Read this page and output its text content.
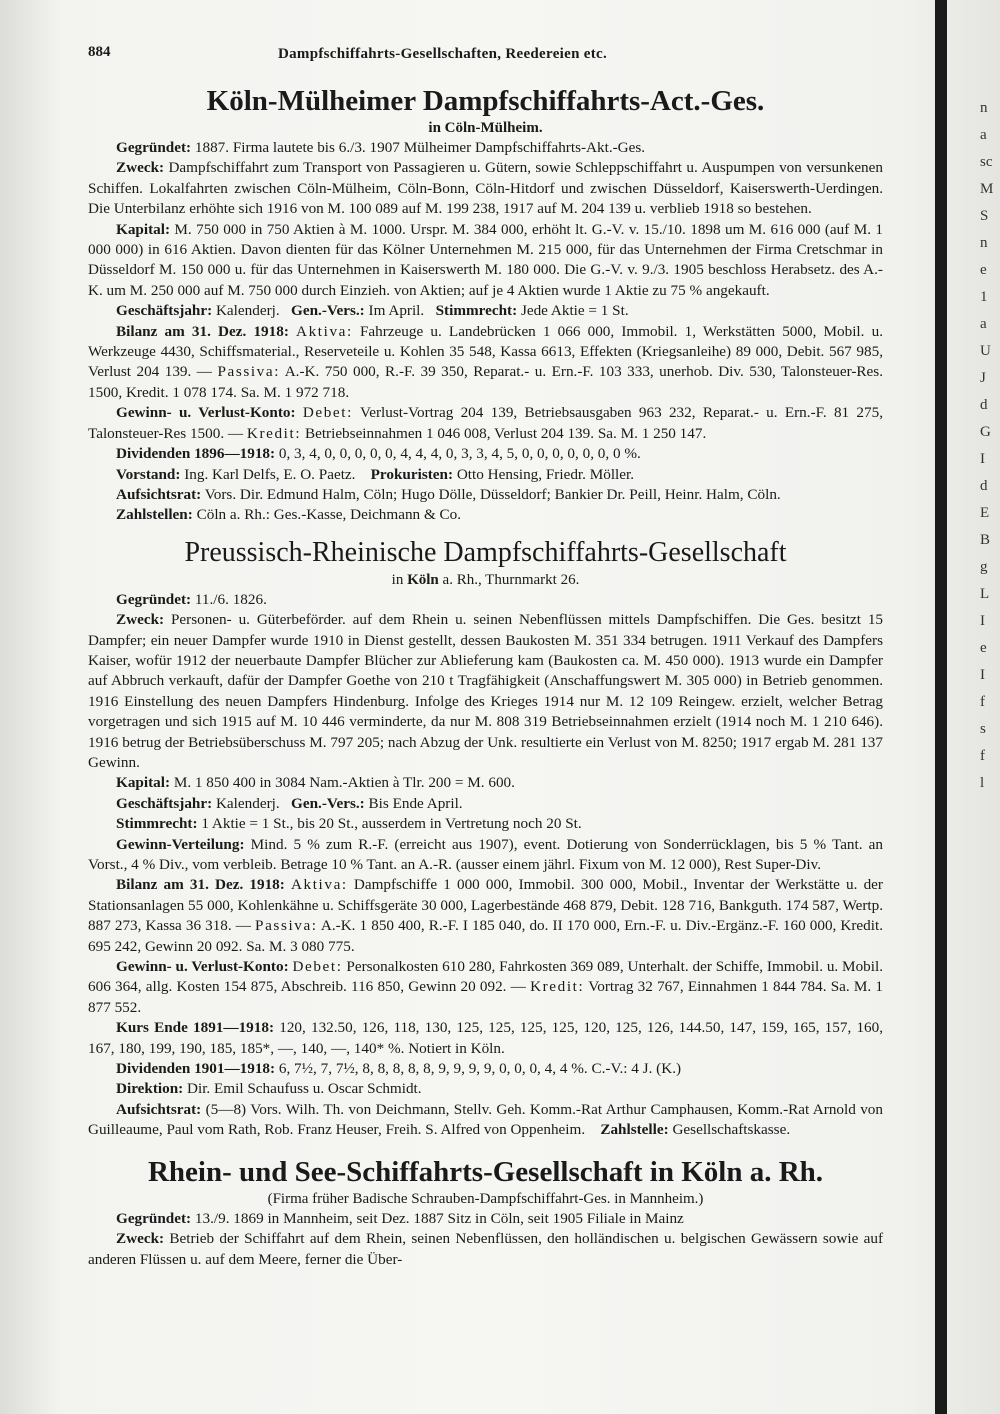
n
a
sc
M
S
n
e
1
a
U
J
d
G
I
d
E
B
g
L
I
e
I
f
s
f
l
884	Dampfschiffahrts-Gesellschaften, Reedereien etc.
Köln-Mülheimer Dampfschiffahrts-Act.-Ges.
in Cöln-Mülheim.

Gegründet: 1887. Firma lautete bis 6./3. 1907 Mülheimer Dampfschiffahrts-Akt.-Ges.

Zweck: Dampfschiffahrt zum Transport von Passagieren u. Gütern, sowie Schleppschiffahrt u. Auspumpen von versunkenen Schiffen. Lokalfahrten zwischen Cöln-Mülheim, Cöln-Bonn, Cöln-Hitdorf und zwischen Düsseldorf, Kaiserswerth-Uerdingen. Die Unterbilanz erhöhte sich 1916 von M. 100 089 auf M. 199 238, 1917 auf M. 204 139 u. verblieb 1918 so bestehen.

Kapital: M. 750 000 in 750 Aktien à M. 1000. Urspr. M. 384 000, erhöht lt. G.-V. v. 15./10. 1898 um M. 616 000 (auf M. 1 000 000) in 616 Aktien. Davon dienten für das Kölner Unternehmen M. 215 000, für das Unternehmen der Firma Cretschmar in Düsseldorf M. 150 000 u. für das Unternehmen in Kaiserswerth M. 180 000. Die G.-V. v. 9./3. 1905 beschloss Herabsetz. des A.-K. um M. 250 000 auf M. 750 000 durch Einzieh. von Aktien; auf je 4 Aktien wurde 1 Aktie zu 75 % angekauft.

Geschäftsjahr: Kalenderj. Gen.-Vers.: Im April. Stimmrecht: Jede Aktie = 1 St.

Bilanz am 31. Dez. 1918: Aktiva: Fahrzeuge u. Landebrücken 1 066 000, Immobil. 1, Werkstätten 5000, Mobil. u. Werkzeuge 4430, Schiffsmaterial., Reserveteile u. Kohlen 35 548, Kassa 6613, Effekten (Kriegsanleihe) 89 000, Debit. 567 985, Verlust 204 139. — Passiva: A.-K. 750 000, R.-F. 39 350, Reparat.- u. Ern.-F. 103 333, unerhob. Div. 530, Talonsteuer-Res. 1500, Kredit. 1 078 174. Sa. M. 1 972 718.

Gewinn- u. Verlust-Konto: Debet: Verlust-Vortrag 204 139, Betriebsausgaben 963 232, Reparat.- u. Ern.-F. 81 275, Talonsteuer-Res 1500. — Kredit: Betriebseinnahmen 1 046 008, Verlust 204 139. Sa. M. 1 250 147.

Dividenden 1896—1918: 0, 3, 4, 0, 0, 0, 0, 0, 4, 4, 4, 0, 3, 3, 4, 5, 0, 0, 0, 0, 0, 0, 0 %.

Vorstand: Ing. Karl Delfs, E. O. Paetz. Prokuristen: Otto Hensing, Friedr. Möller.

Aufsichtsrat: Vors. Dir. Edmund Halm, Cöln; Hugo Dölle, Düsseldorf; Bankier Dr. Peill, Heinr. Halm, Cöln.

Zahlstellen: Cöln a. Rh.: Ges.-Kasse, Deichmann & Co.

Preussisch-Rheinische Dampfschiffahrts-Gesellschaft
in Köln a. Rh., Thurnmarkt 26.

Gegründet: 11./6. 1826.

Zweck: Personen- u. Güterbeförder. auf dem Rhein u. seinen Nebenflüssen mittels Dampfschiffen. Die Ges. besitzt 15 Dampfer; ein neuer Dampfer wurde 1910 in Dienst gestellt, dessen Baukosten M. 351 334 betrugen. 1911 Verkauf des Dampfers Kaiser, wofür 1912 der neuerbaute Dampfer Blücher zur Ablieferung kam (Baukosten ca. M. 450 000). 1913 wurde ein Dampfer auf Abbruch verkauft, dafür der Dampfer Goethe von 210 t Tragfähigkeit (Anschaffungswert M. 305 000) in Betrieb genommen. 1916 Einstellung des neuen Dampfers Hindenburg. Infolge des Krieges 1914 nur M. 12 109 Reingew. erzielt, welcher Betrag vorgetragen und sich 1915 auf M. 10 446 verminderte, da nur M. 808 319 Betriebseinnahmen erzielt (1914 noch M. 1 210 646). 1916 betrug der Betriebsüberschuss M. 797 205; nach Abzug der Unk. resultierte ein Verlust von M. 8250; 1917 ergab M. 281 137 Gewinn.

Kapital: M. 1 850 400 in 3084 Nam.-Aktien à Tlr. 200 = M. 600.

Geschäftsjahr: Kalenderj. Gen.-Vers.: Bis Ende April.

Stimmrecht: 1 Aktie = 1 St., bis 20 St., ausserdem in Vertretung noch 20 St.

Gewinn-Verteilung: Mind. 5 % zum R.-F. (erreicht aus 1907), event. Dotierung von Sonderrücklagen, bis 5 % Tant. an Vorst., 4 % Div., vom verbleib. Betrage 10 % Tant. an A.-R. (ausser einem jährl. Fixum von M. 12 000), Rest Super-Div.

Bilanz am 31. Dez. 1918: Aktiva: Dampfschiffe 1 000 000, Immobil. 300 000, Mobil., Inventar der Werkstätte u. der Stationsanlagen 55 000, Kohlenkähne u. Schiffsgeräte 30 000, Lagerbestände 468 879, Debit. 128 716, Bankguth. 174 587, Wertp. 887 273, Kassa 36 318. — Passiva: A.-K. 1 850 400, R.-F. I 185 040, do. II 170 000, Ern.-F. u. Div.-Ergänz.-F. 160 000, Kredit. 695 242, Gewinn 20 092. Sa. M. 3 080 775.

Gewinn- u. Verlust-Konto: Debet: Personalkosten 610 280, Fahrkosten 369 089, Unterhalt. der Schiffe, Immobil. u. Mobil. 606 364, allg. Kosten 154 875, Abschreib. 116 850, Gewinn 20 092. — Kredit: Vortrag 32 767, Einnahmen 1 844 784. Sa. M. 1 877 552.

Kurs Ende 1891—1918: 120, 132.50, 126, 118, 130, 125, 125, 125, 125, 120, 125, 126, 144.50, 147, 159, 165, 157, 160, 167, 180, 199, 190, 185, 185*, —, 140, —, 140* %. Notiert in Köln.

Dividenden 1901—1918: 6, 7½, 7, 7½, 8, 8, 8, 8, 8, 9, 9, 9, 9, 0, 0, 0, 4, 4 %. C.-V.: 4 J. (K.)

Direktion: Dir. Emil Schaufuss u. Oscar Schmidt.

Aufsichtsrat: (5—8) Vors. Wilh. Th. von Deichmann, Stellv. Geh. Komm.-Rat Arthur Camphausen, Komm.-Rat Arnold von Guilleaume, Paul vom Rath, Rob. Franz Heuser, Freih. S. Alfred von Oppenheim. Zahlstelle: Gesellschaftskasse.

Rhein- und See-Schiffahrts-Gesellschaft in Köln a. Rh.
(Firma früher Badische Schrauben-Dampfschiffahrt-Ges. in Mannheim.)

Gegründet: 13./9. 1869 in Mannheim, seit Dez. 1887 Sitz in Cöln, seit 1905 Filiale in Mainz

Zweck: Betrieb der Schiffahrt auf dem Rhein, seinen Nebenflüssen, den holländischen u. belgischen Gewässern sowie auf anderen Flüssen u. auf dem Meere, ferner die Über-
